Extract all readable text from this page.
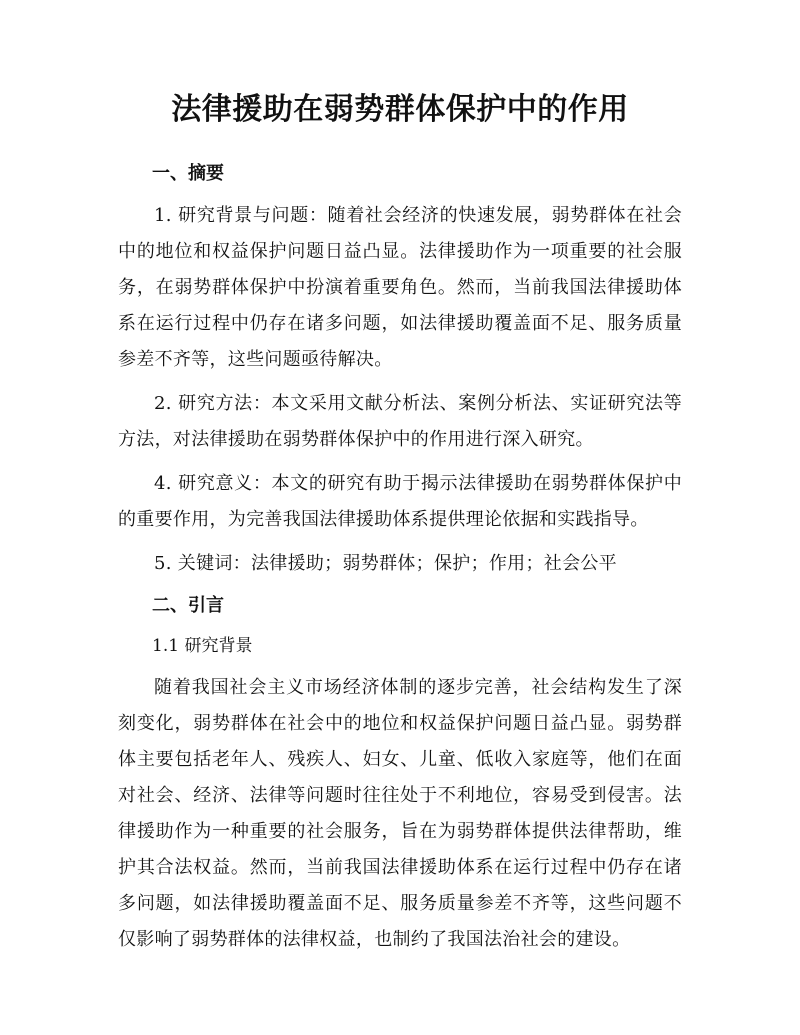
法律援助在弱势群体保护中的作用
一、摘要

1. 研究背景与问题：随着社会经济的快速发展，弱势群体在社会中的地位和权益保护问题日益凸显。法律援助作为一项重要的社会服务，在弱势群体保护中扮演着重要角色。然而，当前我国法律援助体系在运行过程中仍存在诸多问题，如法律援助覆盖面不足、服务质量参差不齐等，这些问题亟待解决。

2. 研究方法：本文采用文献分析法、案例分析法、实证研究法等方法，对法律援助在弱势群体保护中的作用进行深入研究。

4. 研究意义：本文的研究有助于揭示法律援助在弱势群体保护中的重要作用，为完善我国法律援助体系提供理论依据和实践指导。

5. 关键词：法律援助；弱势群体；保护；作用；社会公平

二、引言
1.1 研究背景

随着我国社会主义市场经济体制的逐步完善，社会结构发生了深刻变化，弱势群体在社会中的地位和权益保护问题日益凸显。弱势群体主要包括老年人、残疾人、妇女、儿童、低收入家庭等，他们在面对社会、经济、法律等问题时往往处于不利地位，容易受到侵害。法律援助作为一种重要的社会服务，旨在为弱势群体提供法律帮助，维护其合法权益。然而，当前我国法律援助体系在运行过程中仍存在诸多问题，如法律援助覆盖面不足、服务质量参差不齐等，这些问题不仅影响了弱势群体的法律权益，也制约了我国法治社会的建设。
